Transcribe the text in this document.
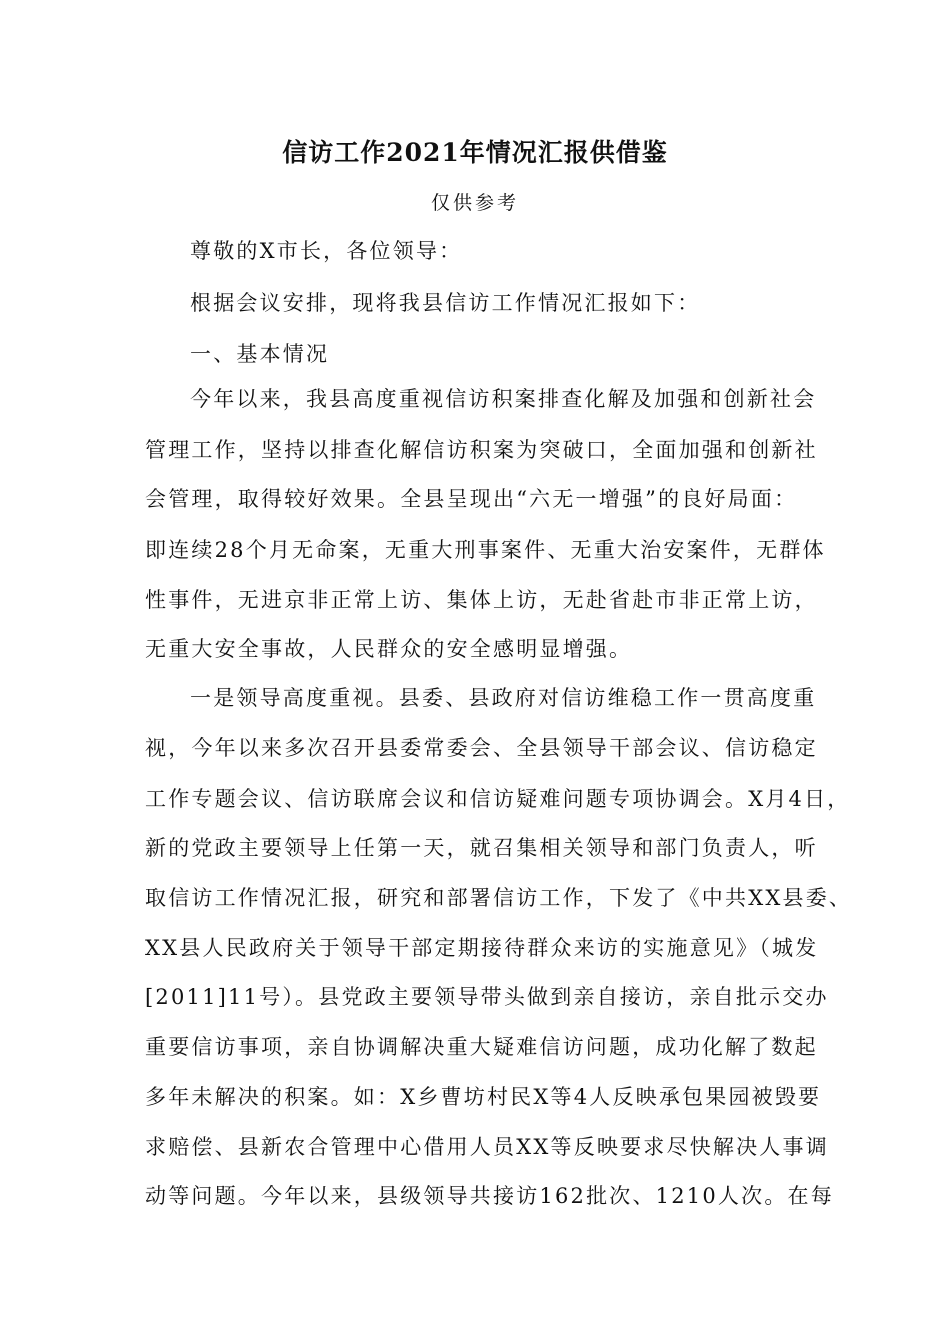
信访工作2021年情况汇报供借鉴
仅供参考
尊敬的X市长，各位领导：
根据会议安排，现将我县信访工作情况汇报如下：
一、基本情况
今年以来，我县高度重视信访积案排查化解及加强和创新社会
管理工作，坚持以排查化解信访积案为突破口，全面加强和创新社
会管理，取得较好效果。全县呈现出“六无一增强”的良好局面：
即连续28个月无命案，无重大刑事案件、无重大治安案件，无群体
性事件，无进京非正常上访、集体上访，无赴省赴市非正常上访，
无重大安全事故，人民群众的安全感明显增强。
一是领导高度重视。县委、县政府对信访维稳工作一贯高度重
视，今年以来多次召开县委常委会、全县领导干部会议、信访稳定
工作专题会议、信访联席会议和信访疑难问题专项协调会。X月4日，
新的党政主要领导上任第一天，就召集相关领导和部门负责人，听
取信访工作情况汇报，研究和部署信访工作，下发了《中共XX县委、
XX县人民政府关于领导干部定期接待群众来访的实施意见》（城发
[2011]11号）。县党政主要领导带头做到亲自接访，亲自批示交办
重要信访事项，亲自协调解决重大疑难信访问题，成功化解了数起
多年未解决的积案。如：X乡曹坊村民X等4人反映承包果园被毁要
求赔偿、县新农合管理中心借用人员XX等反映要求尽快解决人事调
动等问题。今年以来，县级领导共接访162批次、1210人次。在每
